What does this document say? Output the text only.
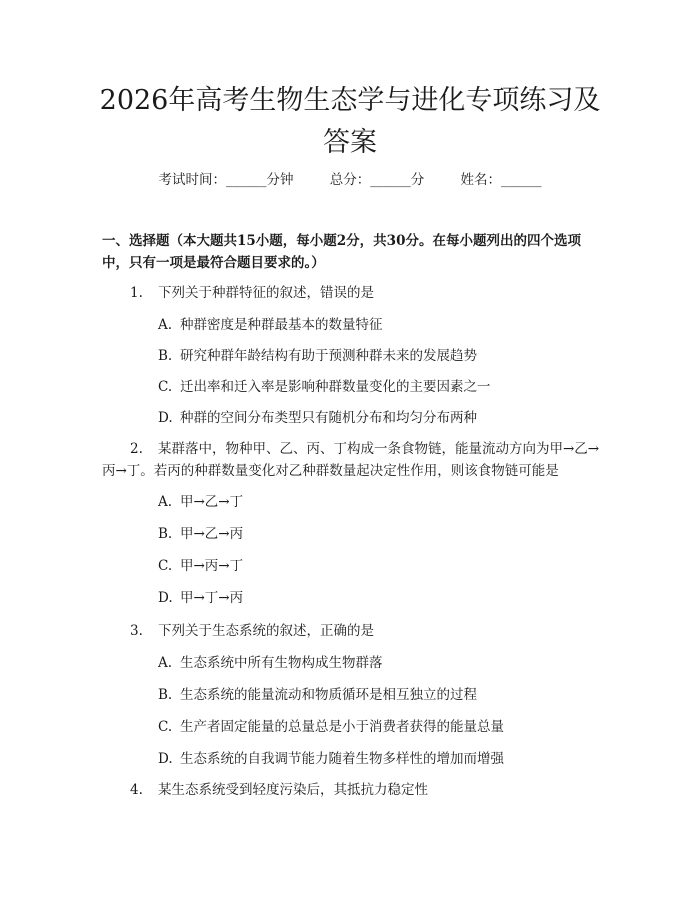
2026年高考生物生态学与进化专项练习及答案
考试时间：______分钟	总分：______分	姓名：______

一、选择题（本大题共15小题，每小题2分，共30分。在每小题列出的四个选项中，只有一项是最符合题目要求的。）

1. 下列关于种群特征的叙述，错误的是
A. 种群密度是种群最基本的数量特征
B. 研究种群年龄结构有助于预测种群未来的发展趋势
C. 迁出率和迁入率是影响种群数量变化的主要因素之一
D. 种群的空间分布类型只有随机分布和均匀分布两种
2. 某群落中，物种甲、乙、丙、丁构成一条食物链，能量流动方向为甲→乙→丙→丁。若丙的种群数量变化对乙种群数量起决定性作用，则该食物链可能是
A. 甲→乙→丁
B. 甲→乙→丙
C. 甲→丙→丁
D. 甲→丁→丙
3. 下列关于生态系统的叙述，正确的是
A. 生态系统中所有生物构成生物群落
B. 生态系统的能量流动和物质循环是相互独立的过程
C. 生产者固定能量的总量总是小于消费者获得的能量总量
D. 生态系统的自我调节能力随着生物多样性的增加而增强
4. 某生态系统受到轻度污染后，其抵抗力稳定性
